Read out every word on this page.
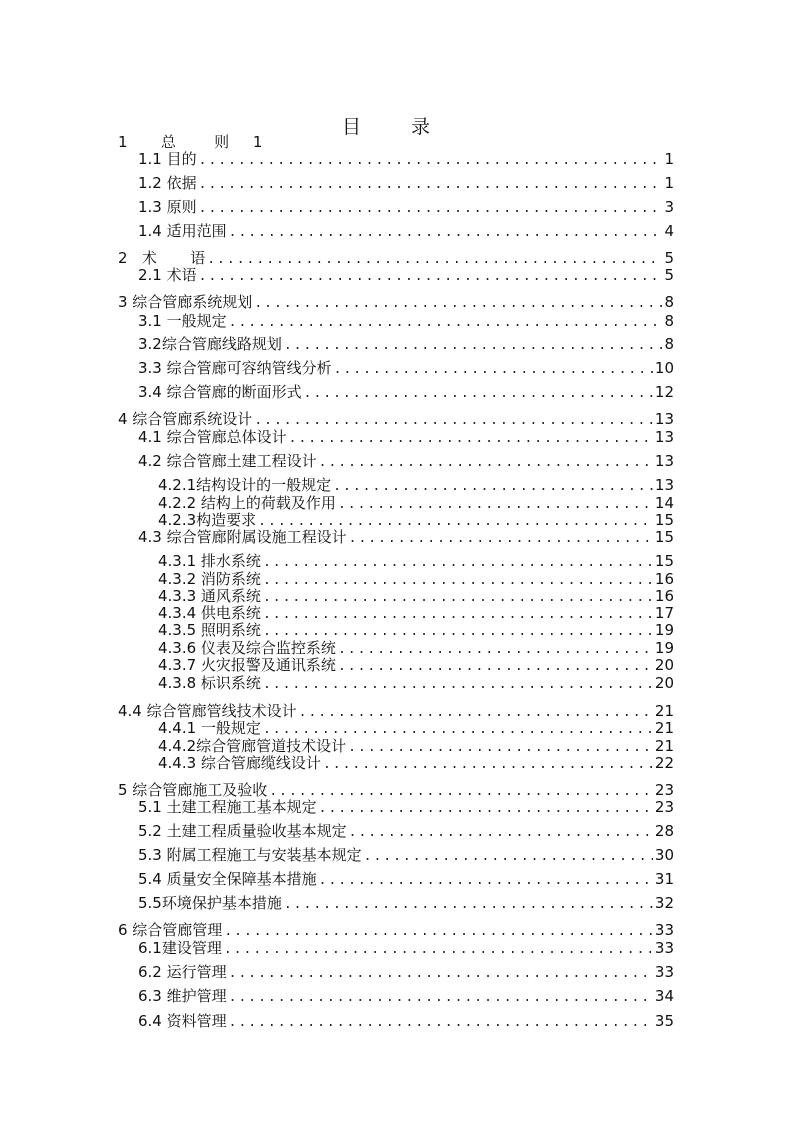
目 录
1       总        则     1
1.1 目的 .....	1
1.2 依据 .....	1
1.3 原则 .....	3
1.4 适用范围 .....	4
2   术       语 .....	5
2.1 术语 .....	5
3 综合管廊系统规划 .....	8
3.1 一般规定 .....	8
3.2综合管廊线路规划 .....	8
3.3 综合管廊可容纳管线分析 .....	10
3.4 综合管廊的断面形式 .....	12
4 综合管廊系统设计 .....	13
4.1 综合管廊总体设计 .....	13
4.2 综合管廊土建工程设计 .....	13
4.2.1结构设计的一般规定 .....	13
4.2.2 结构上的荷载及作用 .....	14
4.2.3构造要求 .....	15
4.3 综合管廊附属设施工程设计 .....	15
4.3.1 排水系统 .....	15
4.3.2 消防系统 .....	16
4.3.3 通风系统 .....	16
4.3.4 供电系统 .....	17
4.3.5 照明系统 .....	19
4.3.6 仪表及综合监控系统 .....	19
4.3.7 火灾报警及通讯系统 .....	20
4.3.8 标识系统 .....	20
4.4 综合管廊管线技术设计 .....	21
4.4.1 一般规定 .....	21
4.4.2综合管廊管道技术设计 .....	21
4.4.3 综合管廊缆线设计 .....	22
5 综合管廊施工及验收 .....	23
5.1 土建工程施工基本规定 .....	23
5.2 土建工程质量验收基本规定 .....	28
5.3 附属工程施工与安装基本规定 .....	30
5.4 质量安全保障基本措施 .....	31
5.5环境保护基本措施 .....	32
6 综合管廊管理 .....	33
6.1建设管理 .....	33
6.2 运行管理 .....	33
6.3 维护管理 .....	34
6.4 资料管理 .....	35
